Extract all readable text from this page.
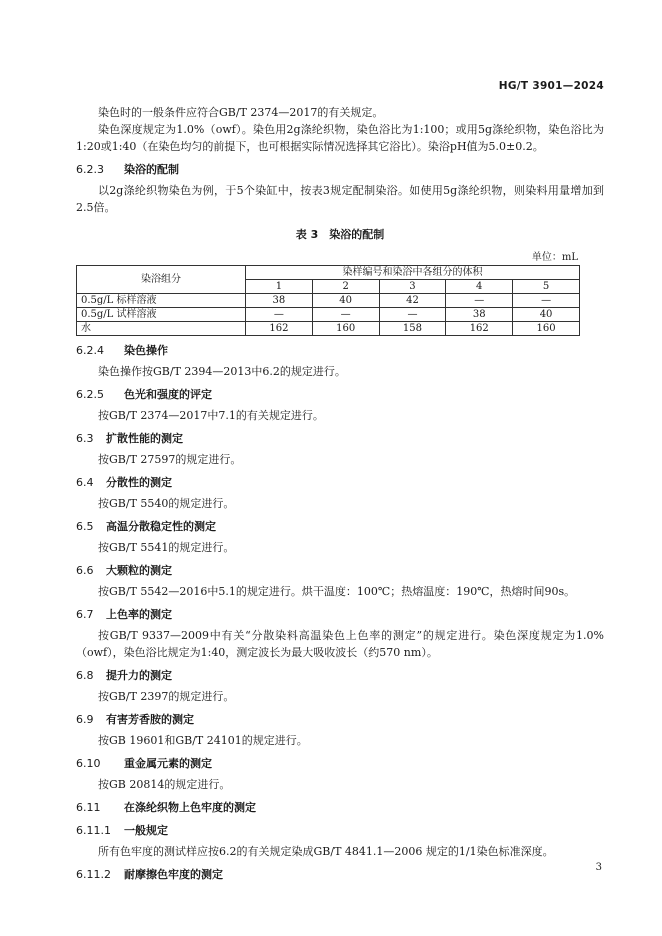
HG/T 3901—2024

染色时的一般条件应符合GB/T 2374—2017的有关规定。

染色深度规定为1.0%（owf）。染色用2g涤纶织物，染色浴比为1:100；或用5g涤纶织物，染色浴比为1:20或1:40（在染色均匀的前提下，也可根据实际情况选择其它浴比）。染浴pH值为5.0±0.2。

6.2.3 染浴的配制

以2g涤纶织物染色为例，于5个染缸中，按表3规定配制染浴。如使用5g涤纶织物，则染料用量增加到2.5倍。

表 3　染浴的配制
单位：mL
染浴组分	染样编号和染浴中各组分的体积				
	1	2	3	4	5
0.5g/L 标样溶液	38	40	42	—	—
0.5g/L 试样溶液	—	—	—	38	40
水	162	160	158	162	160

6.2.4 染色操作

染色操作按GB/T 2394—2013中6.2的规定进行。

6.2.5 色光和强度的评定

按GB/T 2374—2017中7.1的有关规定进行。

6.3 扩散性能的测定

按GB/T 27597的规定进行。

6.4 分散性的测定

按GB/T 5540的规定进行。

6.5 高温分散稳定性的测定

按GB/T 5541的规定进行。

6.6 大颗粒的测定

按GB/T 5542—2016中5.1的规定进行。烘干温度：100℃；热熔温度：190℃，热熔时间90s。

6.7 上色率的测定

按GB/T 9337—2009中有关“分散染料高温染色上色率的测定”的规定进行。染色深度规定为1.0%（owf），染色浴比规定为1:40，测定波长为最大吸收波长（约570 nm）。

6.8 提升力的测定

按GB/T 2397的规定进行。

6.9 有害芳香胺的测定

按GB 19601和GB/T 24101的规定进行。

6.10 重金属元素的测定

按GB 20814的规定进行。

6.11 在涤纶织物上色牢度的测定

6.11.1 一般规定

所有色牢度的测试样应按6.2的有关规定染成GB/T 4841.1—2006 规定的1/1染色标准深度。

6.11.2 耐摩擦色牢度的测定

3
